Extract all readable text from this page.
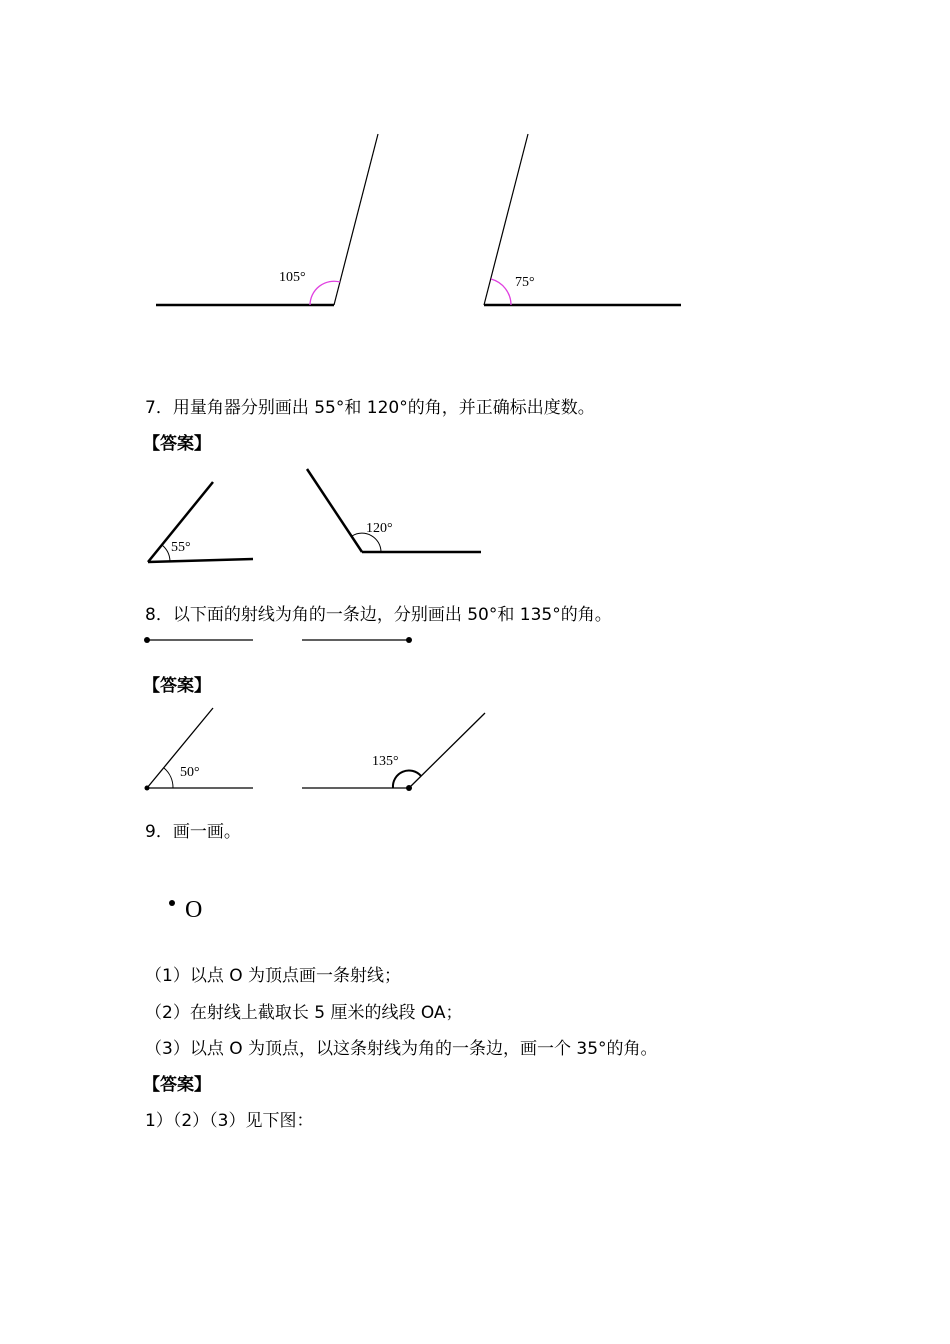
105°	75°
7．用量角器分别画出 55°和 120°的角，并正确标出度数。
【答案】
55°
120°
8．以下面的射线为角的一条边，分别画出 50°和 135°的角。
【答案】
50°
135°
9．画一画。
O
（1）以点 O 为顶点画一条射线；
（2）在射线上截取长 5 厘米的线段 OA；
（3）以点 O 为顶点，以这条射线为角的一条边，画一个 35°的角。
【答案】
1）（2）（3）见下图：
